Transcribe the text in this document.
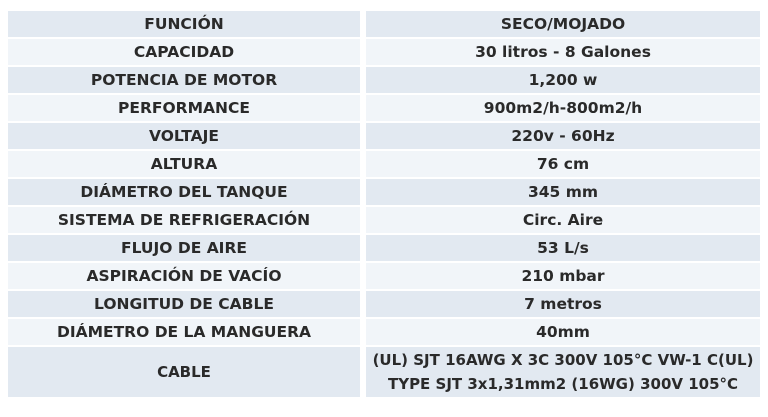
FUNCIÓN		SECO/MOJADO
CAPACIDAD		30 litros - 8 Galones
POTENCIA DE MOTOR		1,200 w
PERFORMANCE		900m2/h-800m2/h
VOLTAJE		220v - 60Hz
ALTURA		76 cm
DIÁMETRO DEL TANQUE		345 mm
SISTEMA DE REFRIGERACIÓN		Circ. Aire
FLUJO DE AIRE		53 L/s
ASPIRACIÓN DE VACÍO		210 mbar
LONGITUD DE CABLE		7 metros
DIÁMETRO DE LA MANGUERA		40mm
CABLE		(UL) SJT 16AWG X 3C 300V 105°C VW-1 C(UL)
TYPE SJT 3x1,31mm2 (16WG) 300V 105°C
